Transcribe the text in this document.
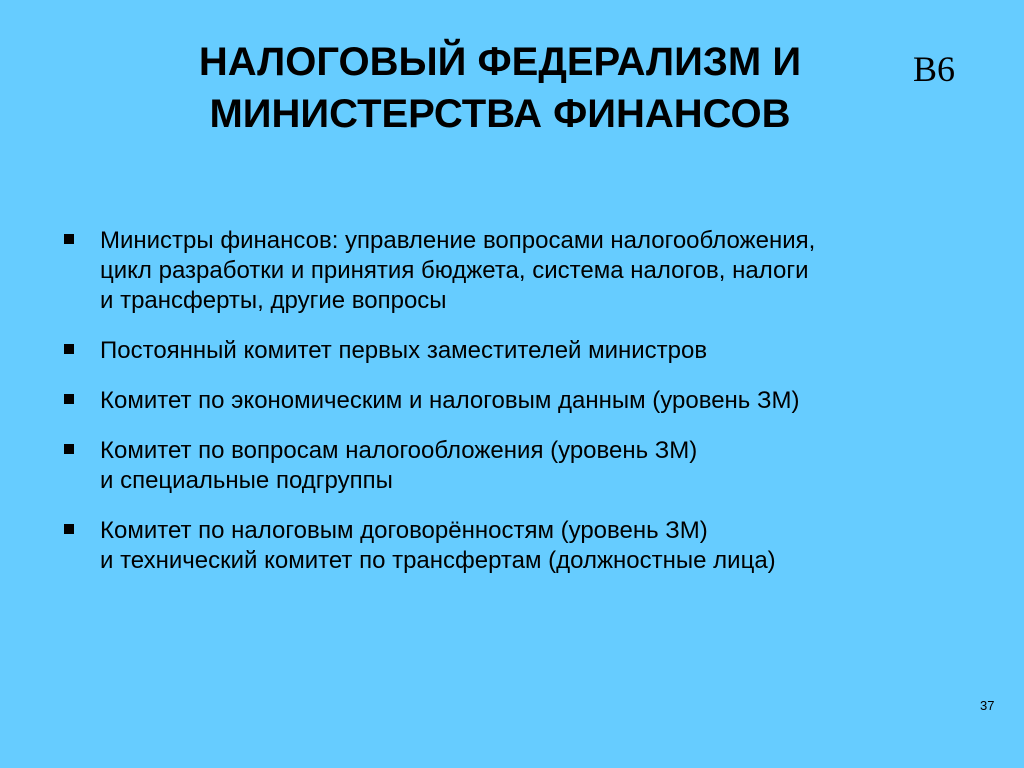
НАЛОГОВЫЙ ФЕДЕРАЛИЗМ И
МИНИСТЕРСТВА ФИНАНСОВ
В6
Министры финансов: управление вопросами налогообложения,
цикл разработки и принятия бюджета, система налогов, налоги
и трансферты, другие вопросы
Постоянный комитет первых заместителей министров
Комитет по экономическим и налоговым данным (уровень ЗМ)
Комитет по вопросам налогообложения (уровень ЗМ)
и специальные подгруппы
Комитет по налоговым договорённостям (уровень ЗМ)
и технический комитет по трансфертам (должностные лица)
37
